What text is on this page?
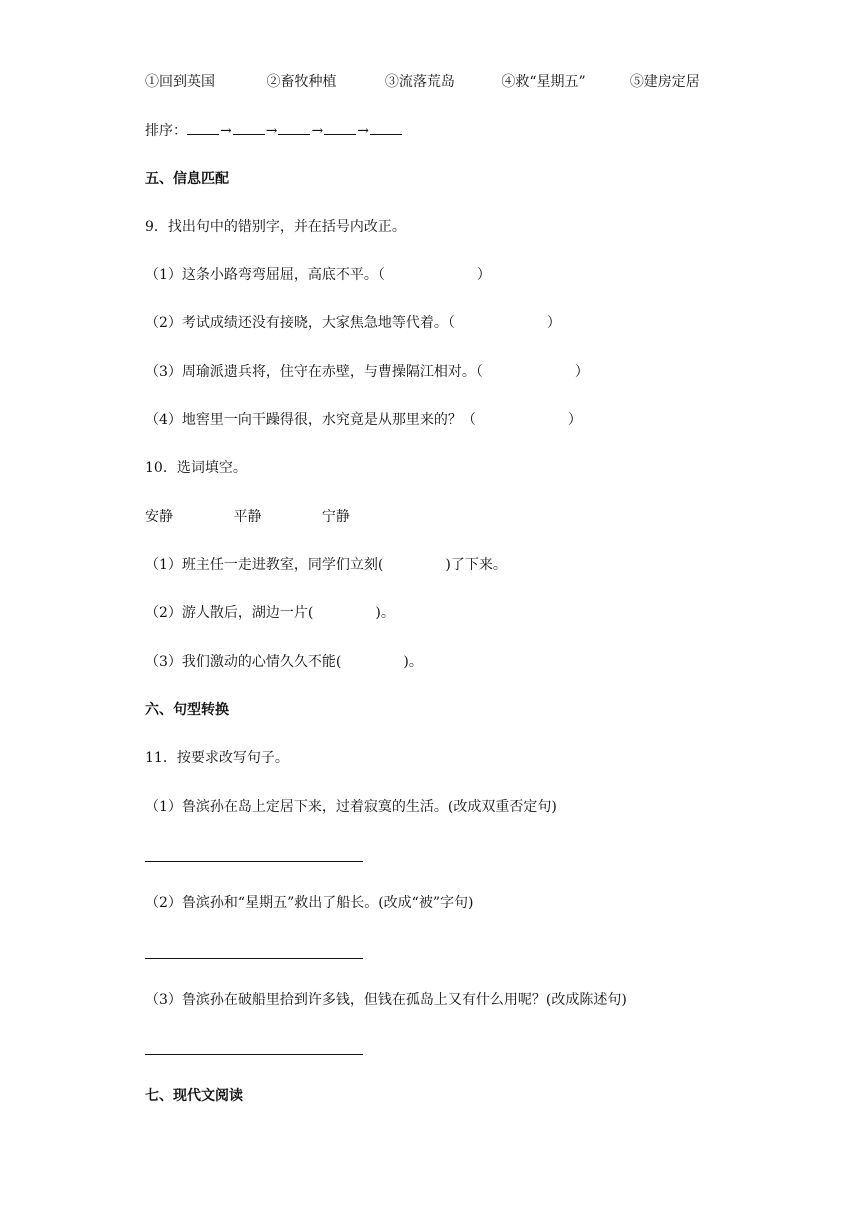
①回到英国	②畜牧种植	③流落荒岛	④救“星期五”	⑤建房定居
排序： → → → →
五、信息匹配
9．找出句中的错别字，并在括号内改正。
（1）这条小路弯弯屈屈，高底不平。（	）
（2）考试成绩还没有接晓，大家焦急地等代着。（	）
（3）周瑜派遗兵将，住守在赤壁，与曹操隔江相对。（	）
（4）地窖里一向干躁得很，水究竟是从那里来的？（	）
10．选词填空。
安静	平静	宁静
（1）班主任一走进教室，同学们立刻(	)了下来。
（2）游人散后，湖边一片(	)。
（3）我们激动的心情久久不能(	)。
六、句型转换
11．按要求改写句子。
（1）鲁滨孙在岛上定居下来，过着寂寞的生活。(改成双重否定句)
（2）鲁滨孙和“星期五”救出了船长。(改成“被”字句)
（3）鲁滨孙在破船里拾到许多钱，但钱在孤岛上又有什么用呢？(改成陈述句)
七、现代文阅读
